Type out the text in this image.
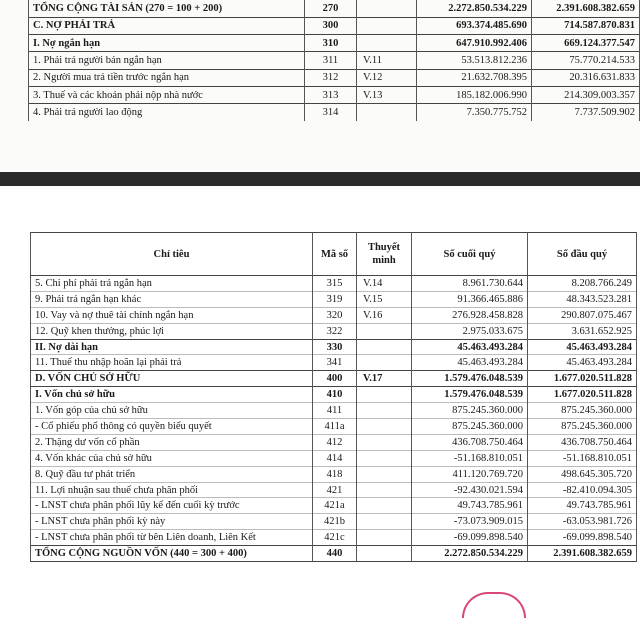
TỔNG CỘNG TÀI SẢN (270 = 100 + 200)	270		2.272.850.534.229	2.391.608.382.659
C. NỢ PHẢI TRẢ	300		693.374.485.690	714.587.870.831
I. Nợ ngắn hạn	310		647.910.992.406	669.124.377.547
1. Phải trả người bán ngắn hạn	311	V.11	53.513.812.236	75.770.214.533
2. Người mua trả tiền trước ngắn hạn	312	V.12	21.632.708.395	20.316.631.833
3. Thuế và các khoản phải nộp nhà nước	313	V.13	185.182.006.990	214.309.003.357
4. Phải trả người lao động	314		7.350.775.752	7.737.509.902
Chỉ tiêu	Mã số	Thuyết minh	Số cuối quý	Số đầu quý
5. Chi phí phải trả ngắn hạn	315	V.14	8.961.730.644	8.208.766.249
9. Phải trả ngắn hạn khác	319	V.15	91.366.465.886	48.343.523.281
10. Vay và nợ thuê tài chính ngắn hạn	320	V.16	276.928.458.828	290.807.075.467
12. Quỹ khen thưởng, phúc lợi	322		2.975.033.675	3.631.652.925
II. Nợ dài hạn	330		45.463.493.284	45.463.493.284
11. Thuế thu nhập hoãn lại phải trả	341		45.463.493.284	45.463.493.284
D. VỐN CHỦ SỞ HỮU	400	V.17	1.579.476.048.539	1.677.020.511.828
I. Vốn chủ sở hữu	410		1.579.476.048.539	1.677.020.511.828
1. Vốn góp của chủ sở hữu	411		875.245.360.000	875.245.360.000
- Cổ phiếu phổ thông có quyền biểu quyết	411a		875.245.360.000	875.245.360.000
2. Thặng dư vốn cổ phần	412		436.708.750.464	436.708.750.464
4. Vốn khác của chủ sở hữu	414		-51.168.810.051	-51.168.810.051
8. Quỹ đầu tư phát triển	418		411.120.769.720	498.645.305.720
11. Lợi nhuận sau thuế chưa phân phối	421		-92.430.021.594	-82.410.094.305
- LNST chưa phân phối lũy kế đến cuối kỳ trước	421a		49.743.785.961	49.743.785.961
- LNST chưa phân phối kỳ này	421b		-73.073.909.015	-63.053.981.726
- LNST chưa phân phối từ bên Liên doanh, Liên Kết	421c		-69.099.898.540	-69.099.898.540
TỔNG CỘNG NGUỒN VỐN (440 = 300 + 400)	440		2.272.850.534.229	2.391.608.382.659
